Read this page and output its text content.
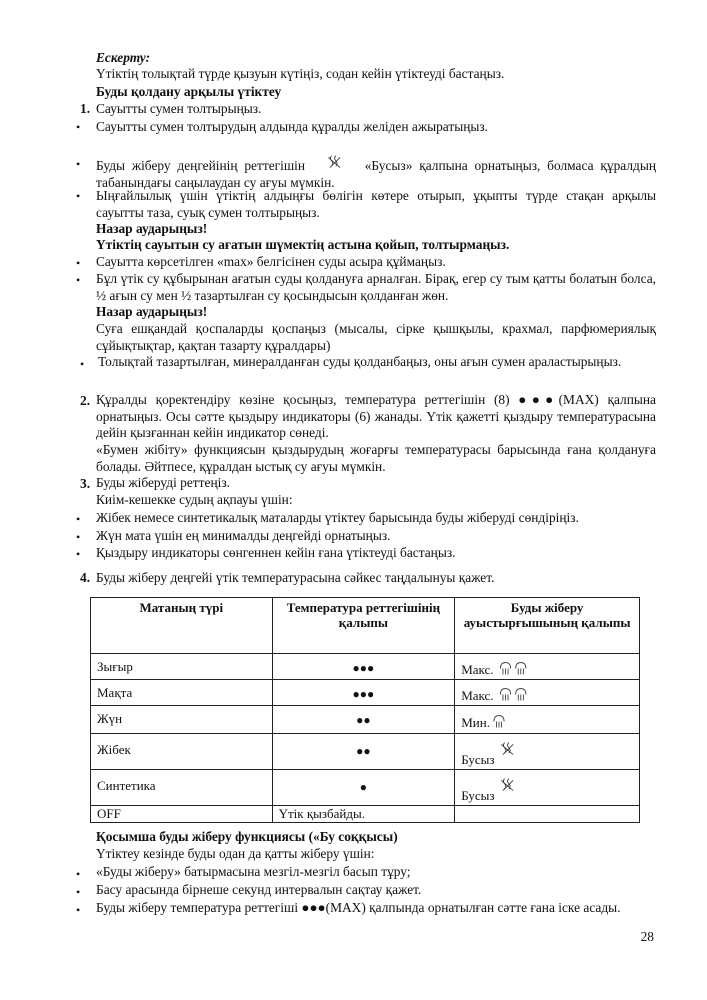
Ескерту:
Үтіктің толықтай түрде қызуын күтіңіз, содан кейін үтіктеуді бастаңыз.
Буды қолдану арқылы үтіктеу
1. Сауытты сумен толтырыңыз.
• Сауытты сумен толтырудың алдында құралды желіден ажыратыңыз.
• Буды жіберу деңгейінің реттегішін	«Бусыз» қалпына орнатыңыз, болмаса құралдың табанындағы саңылаудан су ағуы мүмкін.
• Ыңғайлылық үшін үтіктің алдыңғы бөлігін көтере отырып, ұқыпты түрде стақан арқылы сауытты таза, суық сумен толтырыңыз.
Назар аударыңыз!
Үтіктің сауытын су ағатын шүмектің астына қойып, толтырмаңыз.
• Сауытта көрсетілген «max» белгісінен суды асыра құймаңыз.
• Бұл үтік су құбырынан ағатын суды қолдануға арналған. Бірақ, егер су тым қатты болатын болса, ½ ағын су мен ½ тазартылған су қосындысын қолданған жөн.
Назар аударыңыз!
Суға ешқандай қоспаларды қоспаңыз (мысалы, сірке қышқылы, крахмал, парфюмериялық сұйықтықтар, қақтан тазарту құралдары)
• Толықтай тазартылған, минералданған суды қолданбаңыз, оны ағын сумен араластырыңыз.
2. Құралды қоректендіру көзіне қосыңыз, температура реттегішін (8) ●●●(MAX) қалпына орнатыңыз. Осы сәтте қыздыру индикаторы (6) жанады. Үтік қажетті қыздыру температурасына дейін қызғаннан кейін индикатор сөнеді.
«Бумен жібіту» функциясын қыздырудың жоғарғы температурасы барысында ғана қолдануға болады. Әйтпесе, құралдан ыстық су ағуы мүмкін.
3. Буды жіберуді реттеңіз.
Киім-кешекке судың ақпауы үшін:
• Жібек немесе синтетикалық маталарды үтіктеу барысында буды жіберуді сөндіріңіз.
• Жүн мата үшін ең минималды деңгейді орнатыңыз.
• Қыздыру индикаторы сөнгеннен кейін ғана үтіктеуді бастаңыз.
4. Буды жіберу деңгейі үтік температурасына сәйкес таңдалынуы қажет.
Матаның түрі	Температура реттегішінің қалыпы	Буды жіберу ауыстырғышының қалыпы
Зығыр	●●●	Макс.
Мақта	●●●	Макс.
Жүн	●●	Мин.
Жібек	●●	Бусыз
Синтетика	●	Бусыз
OFF	Үтік қызбайды.	
Қосымша буды жіберу функциясы («Бу соққысы)
Үтіктеу кезінде буды одан да қатты жіберу үшін:
• «Буды жіберу» батырмасына мезгіл-мезгіл басып тұру;
• Басу арасында бірнеше секунд интервалын сақтау қажет.
• Буды жіберу температура реттегіші ●●●(MAX) қалпында орнатылған сәтте ғана іске асады.
28
